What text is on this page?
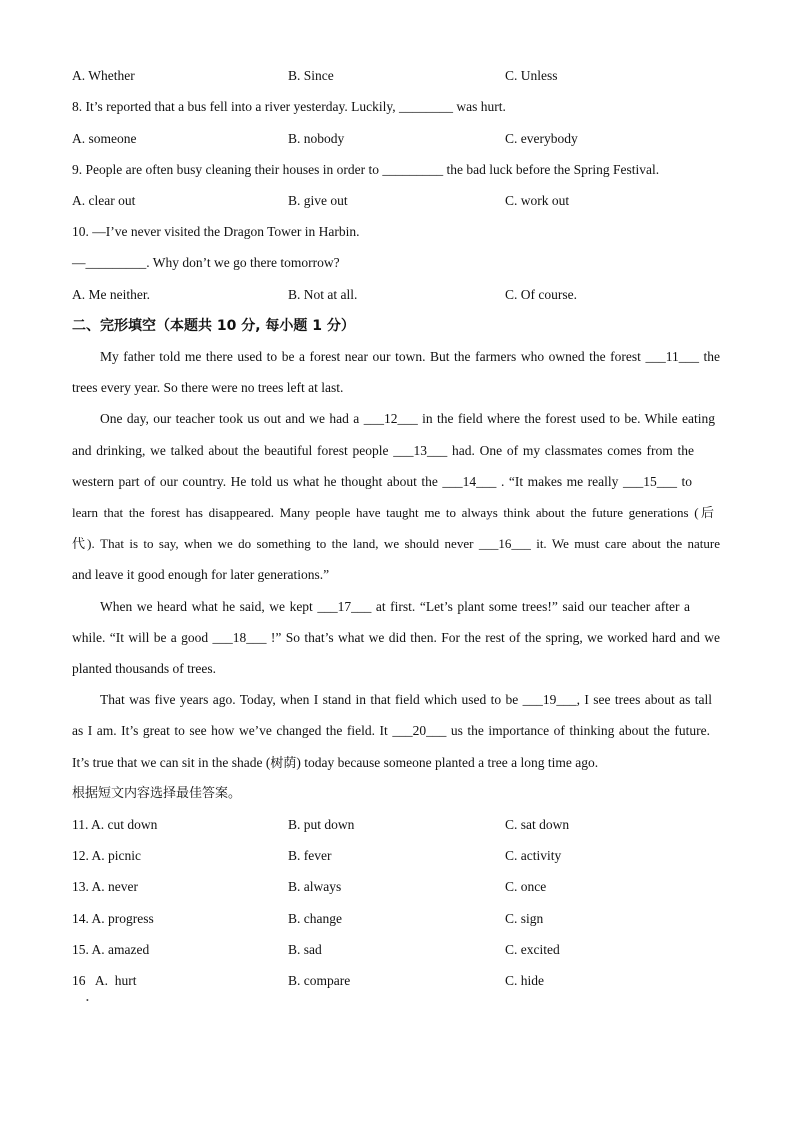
A. Whether	B. Since	C. Unless
8. It’s reported that a bus fell into a river yesterday. Luckily, ________ was hurt.
A. someone	B. nobody	C. everybody
9. People are often busy cleaning their houses in order to _________ the bad luck before the Spring Festival.
A. clear out	B. give out	C. work out
10. —I’ve never visited the Dragon Tower in Harbin.
—_________. Why don’t we go there tomorrow?
A. Me neither.	B. Not at all.	C. Of course.
二、完形填空（本题共 10 分, 每小题 1 分）
My father told me there used to be a forest near our town. But the farmers who owned the forest ___11___ the
trees every year. So there were no trees left at last.
One day, our teacher took us out and we had a ___12___ in the field where the forest used to be. While eating
and drinking, we talked about the beautiful forest people ___13___ had. One of my classmates comes from the
western part of our country. He told us what he thought about the ___14___ . “It makes me really ___15___ to
learn that the forest has disappeared. Many people have taught me to always think about the future generations (后
代). That is to say, when we do something to the land, we should never ___16___ it. We must care about the nature
and leave it good enough for later generations.”
When we heard what he said, we kept ___17___ at first. “Let’s plant some trees!” said our teacher after a
while. “It will be a good ___18___ !” So that’s what we did then. For the rest of the spring, we worked hard and we
planted thousands of trees.
That was five years ago. Today, when I stand in that field which used to be ___19___, I see trees about as tall
as I am. It’s great to see how we’ve changed the field. It ___20___ us the importance of thinking about the future.
It’s true that we can sit in the shade (树荫) today because someone planted a tree a long time ago.
根据短文内容选择最佳答案。
11. A. cut down	B. put down	C. sat down
12. A. picnic	B. fever	C. activity
13. A. never	B. always	C. once
14. A. progress	B. change	C. sign
15. A. amazed	B. sad	C. excited
16   A.  hurt	B. compare	C. hide
•
